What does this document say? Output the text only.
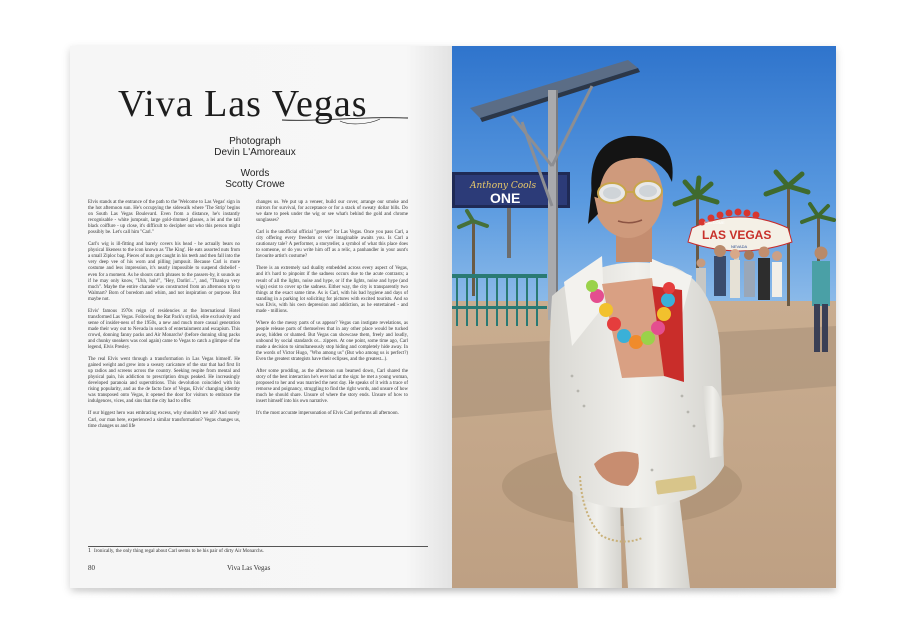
Viva Las Vegas
Photograph
Devin L'Amoreaux
Words
Scotty Crowe

Elvis stands at the entrance of the path to the 'Welcome to Las Vegas' sign in the hot afternoon sun. He's occupying the sidewalk where 'The Strip' begins on South Las Vegas Boulevard. Even from a distance, he's instantly recognisable - white jumpsuit, large gold-rimmed glasses, a lei and the tall black coiffure - up close, it's difficult to decipher out who this person might possibly be. Let's call him "Carl."

Carl's wig is ill-fitting and barely covers his head - he actually bears no physical likeness to the icon known as 'The King'. He eats assorted nuts from a small Ziploc bag. Pieces of nuts get caught in his teeth and then fall into the very deep vee of his worn and pilling jumpsuit. Because Carl is more costume and less impression, it's nearly impossible to suspend disbelief - even for a moment. As he shouts catch phrases to the passers-by, it sounds as if he may only know, "Uhh, huh!", "Hey, Darlin'...", and, "Thankya very much". Maybe the entire charade was constructed from an afternoon trip to Walmart? Born of boredom and whim, and not inspiration or purpose. But maybe not.

Elvis' famous 1970s reign of residencies at the International Hotel transformed Las Vegas. Following the Rat Pack's stylish, elite exclusivity and sense of insider-ness of the 1950s, a new and much more casual generation made their way out to Nevada in search of entertainment and escapism. This crowd, donning fanny packs and Air Monarchs¹ (before donning sling packs and chunky sneakers was cool again) came to Vegas to catch a glimpse of the legend, Elvis Presley.

The real Elvis went through a transformation in Las Vegas himself. He gained weight and grew into a sweaty caricature of the star that had first lit up radios and screens across the country. Seeking respite from mental and physical pain, his addiction to prescription drugs peaked. He increasingly developed paranoia and superstitions. This devolution coincided with his rising popularity, and as the de facto face of Vegas, Elvis' changing identity was transposed onto Vegas, it opened the door for visitors to embrace the indulgences, vices, and sins that the city had to offer.

If our biggest hero was embracing excess, why shouldn't we all? And surely Carl, our man here, experienced a similar transformation? Vegas changes us, time changes us and life

changes us. We put up a veneer, build our cover, arrange our smoke and mirrors for survival, for acceptance or for a stack of sweaty dollar bills. Do we dare to peek under the wig or see what's behind the gold and chrome sunglasses?

Carl is the unofficial official "greeter" for Las Vegas. Once you pass Carl, a city offering every freedom or vice imaginable awaits you. Is Carl a cautionary tale? A performer, a storyteller, a symbol of what this place does to someone, or do you write him off as a relic, a panhandler in your aunt's favourite artist's costume?

There is an extremely sad duality embedded across every aspect of Vegas, and it's hard to pinpoint if the sadness occurs due to the acute contrasts; a result of all the lights, noise and hype, or if the lights, noise and hype (and wigs) exist to cover up the sadness. Either way, the city is transparently two things at the exact same time. As is Carl, with his bad hygiene and days of standing in a parking lot soliciting for pictures with excited tourists. And so was Elvis, with his own depression and addiction, as he entertained - and made - millions.

Where do the messy parts of us appear? Vegas can instigate revelations, as people release parts of themselves that in any other place would be tucked away, hidden or shamed. But Vegas can showcase them, freely and loudly, unbound by social standards or... zippers. At one point, some time ago, Carl made a decision to simultaneously stop hiding and completely hide away. In the words of Victor Hugo, "Who among us" (But who among us is perfect?) Even the greatest strategists have their eclipses, and the greatest...).

After some prodding, as the afternoon sun beamed down, Carl shared the story of the best interaction he's ever had at the sign: he met a young woman, proposed to her and was married the next day. He speaks of it with a trace of remorse and poignancy, struggling to find the right words, and unsure of how much he should share. Unsure of where the story ends. Unsure of how to insert himself into his own narrative.

It's the most accurate impersonation of Elvis Carl performs all afternoon.

1 Ironically, the only thing regal about Carl seems to be his pair of dirty Air Monarchs.
80	Viva Las Vegas
Anthony Cools
ONE
WELCOME
LAS VEGAS
NEVADA
